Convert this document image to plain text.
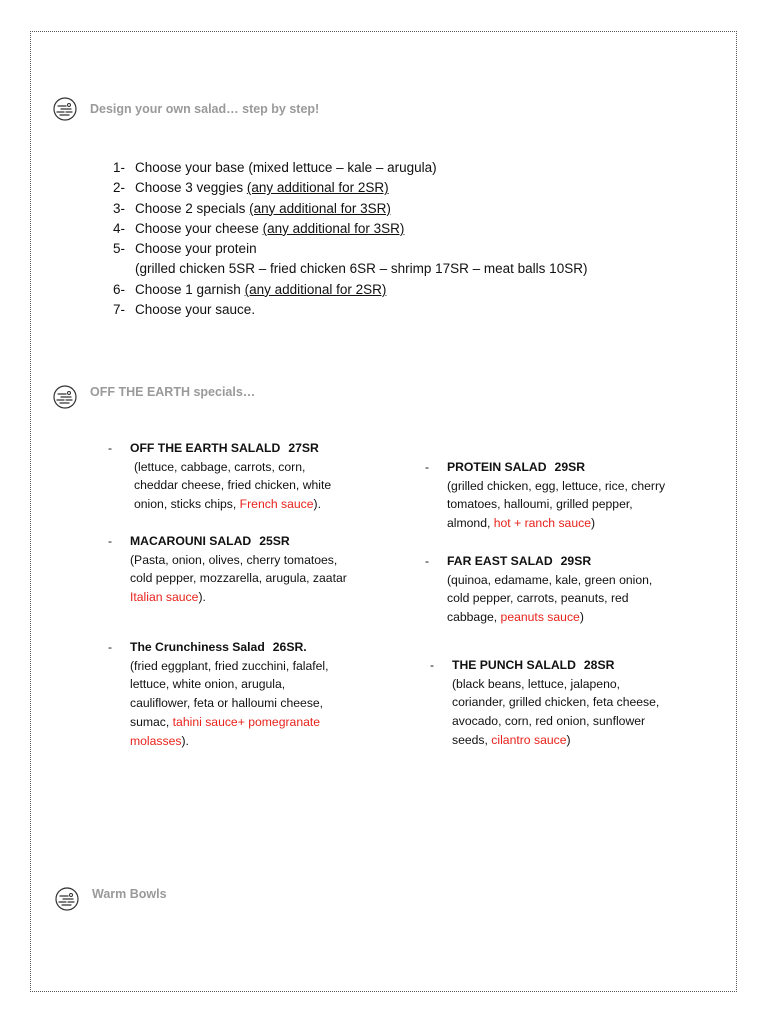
Design your own salad… step by step!
1- Choose your base (mixed lettuce – kale – arugula)
2- Choose 3 veggies
(any additional for 2SR)
3- Choose 2 specials
(any additional for 3SR)
4- Choose your cheese
(any additional for 3SR)
5- Choose your protein
(grilled chicken 5SR – fried chicken 6SR – shrimp 17SR – meat balls 10SR)
6- Choose 1 garnish
(any additional for 2SR)
7- Choose your sauce.
OFF THE EARTH specials…
- OFF THE EARTH SALALD 27SR
(lettuce, cabbage, carrots, corn,
cheddar cheese, fried chicken, white
onion, sticks chips, French sauce).
- MACAROUNI SALAD 25SR
(Pasta, onion, olives, cherry tomatoes,
cold pepper, mozzarella, arugula, zaatar
Italian sauce).
- The Crunchiness Salad 26SR.
(fried eggplant, fried zucchini, falafel,
lettuce, white onion, arugula,
cauliflower, feta or halloumi cheese,
sumac, tahini sauce+ pomegranate
molasses).
- PROTEIN SALAD 29SR
(grilled chicken, egg, lettuce, rice, cherry
tomatoes, halloumi, grilled pepper,
almond, hot + ranch sauce)
- FAR EAST SALAD 29SR
(quinoa, edamame, kale, green onion,
cold pepper, carrots, peanuts, red
cabbage, peanuts sauce)
- THE PUNCH SALALD 28SR
(black beans, lettuce, jalapeno,
coriander, grilled chicken, feta cheese,
avocado, corn, red onion, sunflower
seeds, cilantro sauce)
Warm Bowls
